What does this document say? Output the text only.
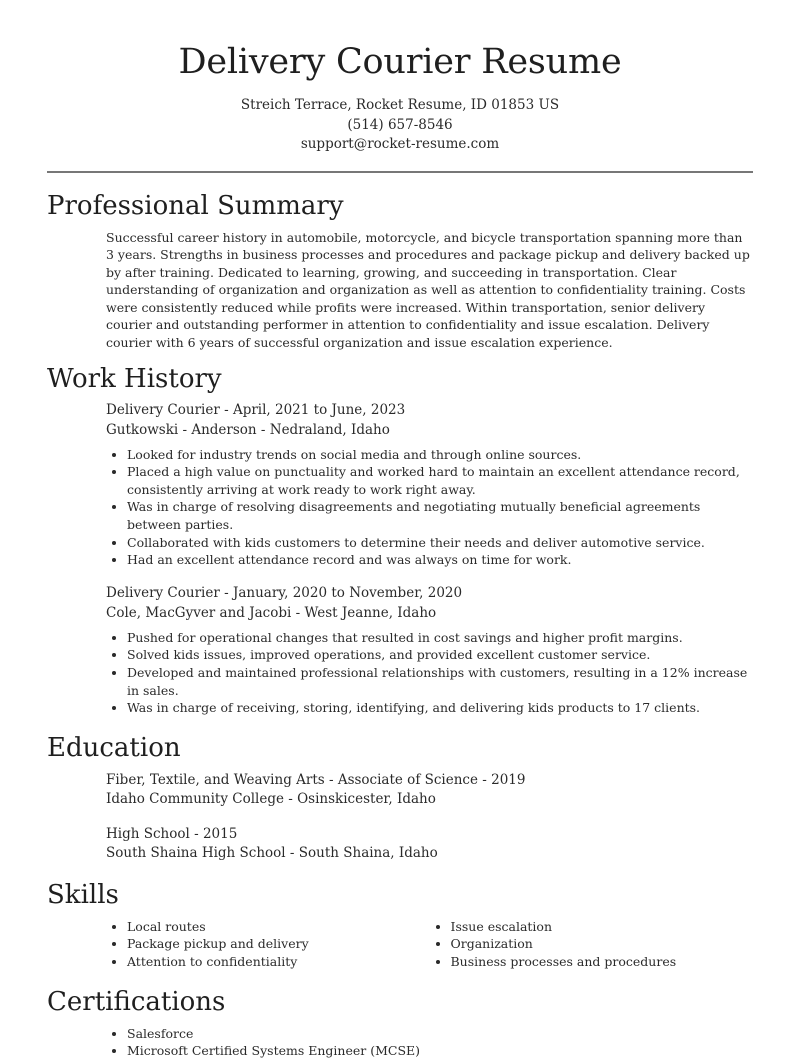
Delivery Courier Resume
Streich Terrace, Rocket Resume, ID 01853 US
(514) 657-8546
support@rocket-resume.com
Professional Summary
Successful career history in automobile, motorcycle, and bicycle transportation spanning more than 3 years. Strengths in business processes and procedures and package pickup and delivery backed up by after training. Dedicated to learning, growing, and succeeding in transportation. Clear understanding of organization and organization as well as attention to confidentiality training. Costs were consistently reduced while profits were increased. Within transportation, senior delivery courier and outstanding performer in attention to confidentiality and issue escalation. Delivery courier with 6 years of successful organization and issue escalation experience.
Work History
Delivery Courier - April, 2021 to June, 2023
Gutkowski - Anderson - Nedraland, Idaho
• Looked for industry trends on social media and through online sources.
• Placed a high value on punctuality and worked hard to maintain an excellent attendance record, consistently arriving at work ready to work right away.
• Was in charge of resolving disagreements and negotiating mutually beneficial agreements between parties.
• Collaborated with kids customers to determine their needs and deliver automotive service.
• Had an excellent attendance record and was always on time for work.
Delivery Courier - January, 2020 to November, 2020
Cole, MacGyver and Jacobi - West Jeanne, Idaho
• Pushed for operational changes that resulted in cost savings and higher profit margins.
• Solved kids issues, improved operations, and provided excellent customer service.
• Developed and maintained professional relationships with customers, resulting in a 12% increase in sales.
• Was in charge of receiving, storing, identifying, and delivering kids products to 17 clients.
Education
Fiber, Textile, and Weaving Arts - Associate of Science - 2019
Idaho Community College - Osinskicester, Idaho
High School - 2015
South Shaina High School - South Shaina, Idaho
Skills
• Local routes
• Package pickup and delivery
• Attention to confidentiality
• Issue escalation
• Organization
• Business processes and procedures
Certifications
• Salesforce
• Microsoft Certified Systems Engineer (MCSE)
